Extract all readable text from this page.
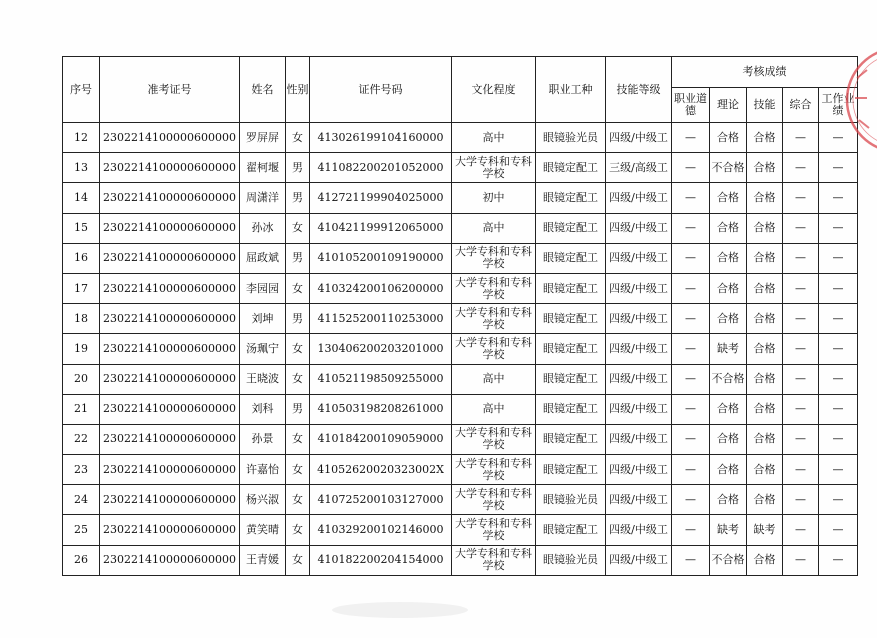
序号	准考证号	姓名	性别	证件号码	文化程度	职业工种	技能等级	考核成绩				
								职业道德	理论	技能	综合	工作业绩
12	2302214100000600000	罗屏屏	女	413026199104160000	高中	眼镜验光员	四级/中级工	—	合格	合格	—	—
13	2302214100000600000	翟柯堰	男	411082200201052000	大学专科和专科学校	眼镜定配工	三级/高级工	—	不合格	合格	—	—
14	2302214100000600000	周潇洋	男	412721199904025000	初中	眼镜定配工	四级/中级工	—	合格	合格	—	—
15	2302214100000600000	孙冰	女	410421199912065000	高中	眼镜定配工	四级/中级工	—	合格	合格	—	—
16	2302214100000600000	屈政斌	男	410105200109190000	大学专科和专科学校	眼镜定配工	四级/中级工	—	合格	合格	—	—
17	2302214100000600000	李园园	女	410324200106200000	大学专科和专科学校	眼镜定配工	四级/中级工	—	合格	合格	—	—
18	2302214100000600000	刘坤	男	411525200110253000	大学专科和专科学校	眼镜定配工	四级/中级工	—	合格	合格	—	—
19	2302214100000600000	汤珮宁	女	130406200203201000	大学专科和专科学校	眼镜定配工	四级/中级工	—	缺考	合格	—	—
20	2302214100000600000	王晓波	女	410521198509255000	高中	眼镜定配工	四级/中级工	—	不合格	合格	—	—
21	2302214100000600000	刘科	男	410503198208261000	高中	眼镜定配工	四级/中级工	—	合格	合格	—	—
22	2302214100000600000	孙景	女	410184200109059000	大学专科和专科学校	眼镜定配工	四级/中级工	—	合格	合格	—	—
23	2302214100000600000	许嘉怡	女	41052620020323002X	大学专科和专科学校	眼镜定配工	四级/中级工	—	合格	合格	—	—
24	2302214100000600000	杨兴淑	女	410725200103127000	大学专科和专科学校	眼镜验光员	四级/中级工	—	合格	合格	—	—
25	2302214100000600000	黄笑晴	女	410329200102146000	大学专科和专科学校	眼镜定配工	四级/中级工	—	缺考	缺考	—	—
26	2302214100000600000	王青媛	女	410182200204154000	大学专科和专科学校	眼镜验光员	四级/中级工	—	不合格	合格	—	—
